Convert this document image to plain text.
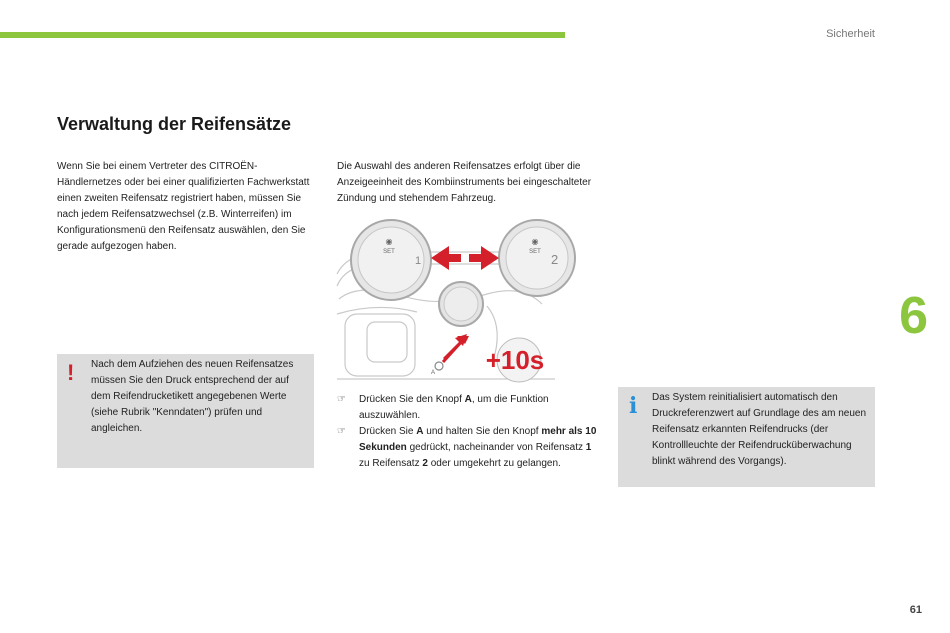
Sicherheit
6
61
Verwaltung der Reifensätze

Wenn Sie bei einem Vertreter des CITROËN-Händlernetzes oder bei einer qualifizierten Fachwerkstatt einen zweiten Reifensatz registriert haben, müssen Sie nach jedem Reifensatzwechsel (z.B. Winterreifen) im Konfigurationsmenü den Reifensatz auswählen, den Sie gerade aufgezogen haben.

Die Auswahl des anderen Reifensatzes erfolgt über die Anzeigeeinheit des Kombiinstruments bei eingeschalteter Zündung und stehendem Fahrzeug.

! Nach dem Aufziehen des neuen Reifensatzes müssen Sie den Druck entsprechend der auf dem Reifendrucketikett angegebenen Werte (siehe Rubrik "Kenndaten") prüfen und angleichen.

◉
SET
1
◉
SET 2
A +10s

☞ Drücken Sie den Knopf A, um die Funktion auszuwählen.

☞ Drücken Sie A und halten Sie den Knopf mehr als 10 Sekunden gedrückt, nacheinander von Reifensatz 1 zu Reifensatz 2 oder umgekehrt zu gelangen.

i Das System reinitialisiert automatisch den Druckreferenzwert auf Grundlage des am neuen Reifensatz erkannten Reifendrucks (der Kontrollleuchte der Reifendrucküberwachung blinkt während des Vorgangs).
